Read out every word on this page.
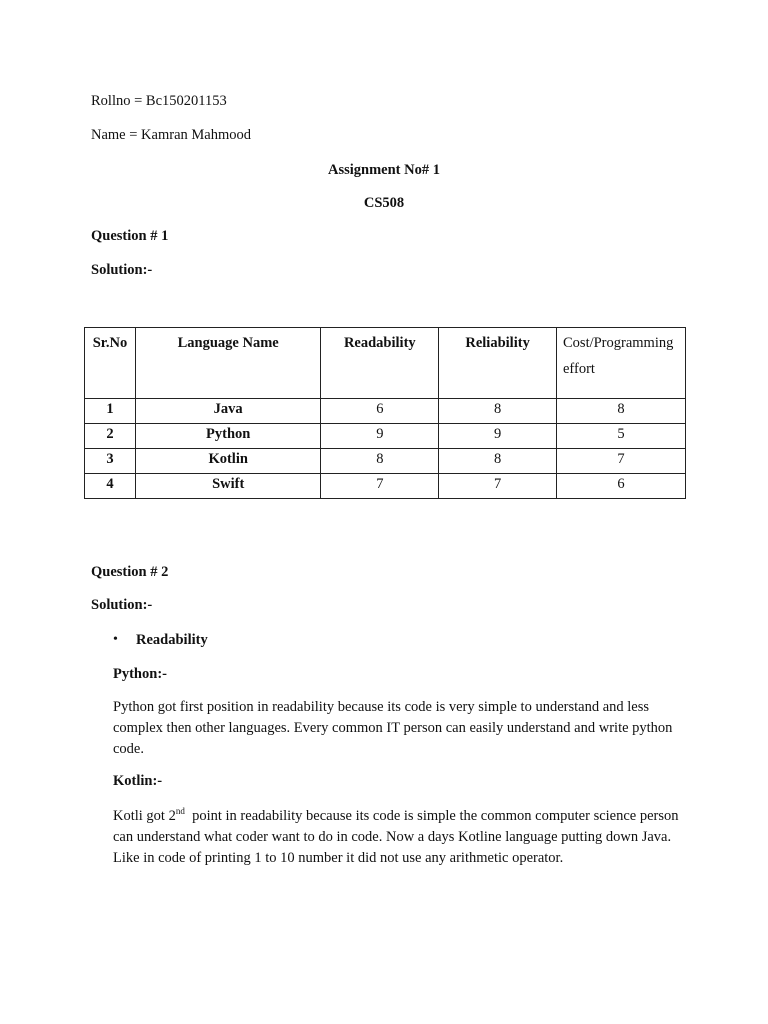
Rollno = Bc150201153
Name = Kamran Mahmood
Assignment No# 1
CS508
Question # 1
Solution:-
Sr.No	Language Name	Readability	Reliability	Cost/Programming effort
1	Java	6	8	8
2	Python	9	9	5
3	Kotlin	8	8	7
4	Swift	7	7	6
Question # 2
Solution:-
• Readability
Python:-
Python got first position in readability because its code is very simple to understand and less complex then other languages. Every common IT person can easily understand and write python code.
Kotlin:-
Kotli got 2nd  point in readability because its code is simple the common computer science person can understand what coder want to do in code. Now a days Kotline language putting down Java. Like in code of printing 1 to 10 number it did not use any arithmetic operator.
